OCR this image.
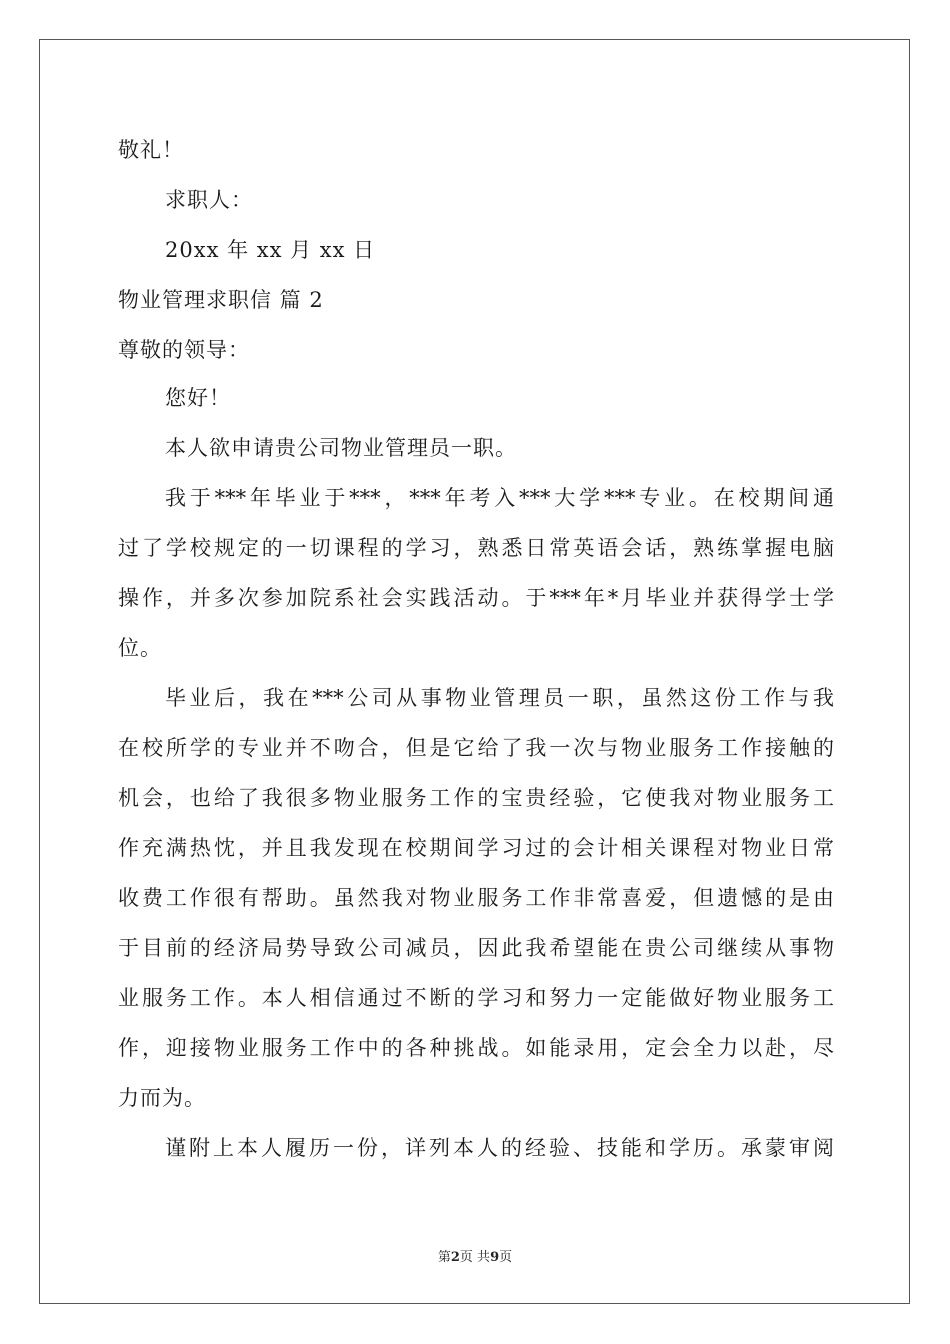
敬礼！
求职人：
20xx 年 xx 月 xx 日
物业管理求职信 篇 2
尊敬的领导：
您好！
本人欲申请贵公司物业管理员一职。
我于***年毕业于***，***年考入***大学***专业。在校期间通
过了学校规定的一切课程的学习，熟悉日常英语会话，熟练掌握电脑
操作，并多次参加院系社会实践活动。于***年*月毕业并获得学士学
位。
毕业后，我在***公司从事物业管理员一职，虽然这份工作与我
在校所学的专业并不吻合，但是它给了我一次与物业服务工作接触的
机会，也给了我很多物业服务工作的宝贵经验，它使我对物业服务工
作充满热忱，并且我发现在校期间学习过的会计相关课程对物业日常
收费工作很有帮助。虽然我对物业服务工作非常喜爱，但遗憾的是由
于目前的经济局势导致公司减员，因此我希望能在贵公司继续从事物
业服务工作。本人相信通过不断的学习和努力一定能做好物业服务工
作，迎接物业服务工作中的各种挑战。如能录用，定会全力以赴，尽
力而为。
谨附上本人履历一份，详列本人的经验、技能和学历。承蒙审阅
第2页 共9页
